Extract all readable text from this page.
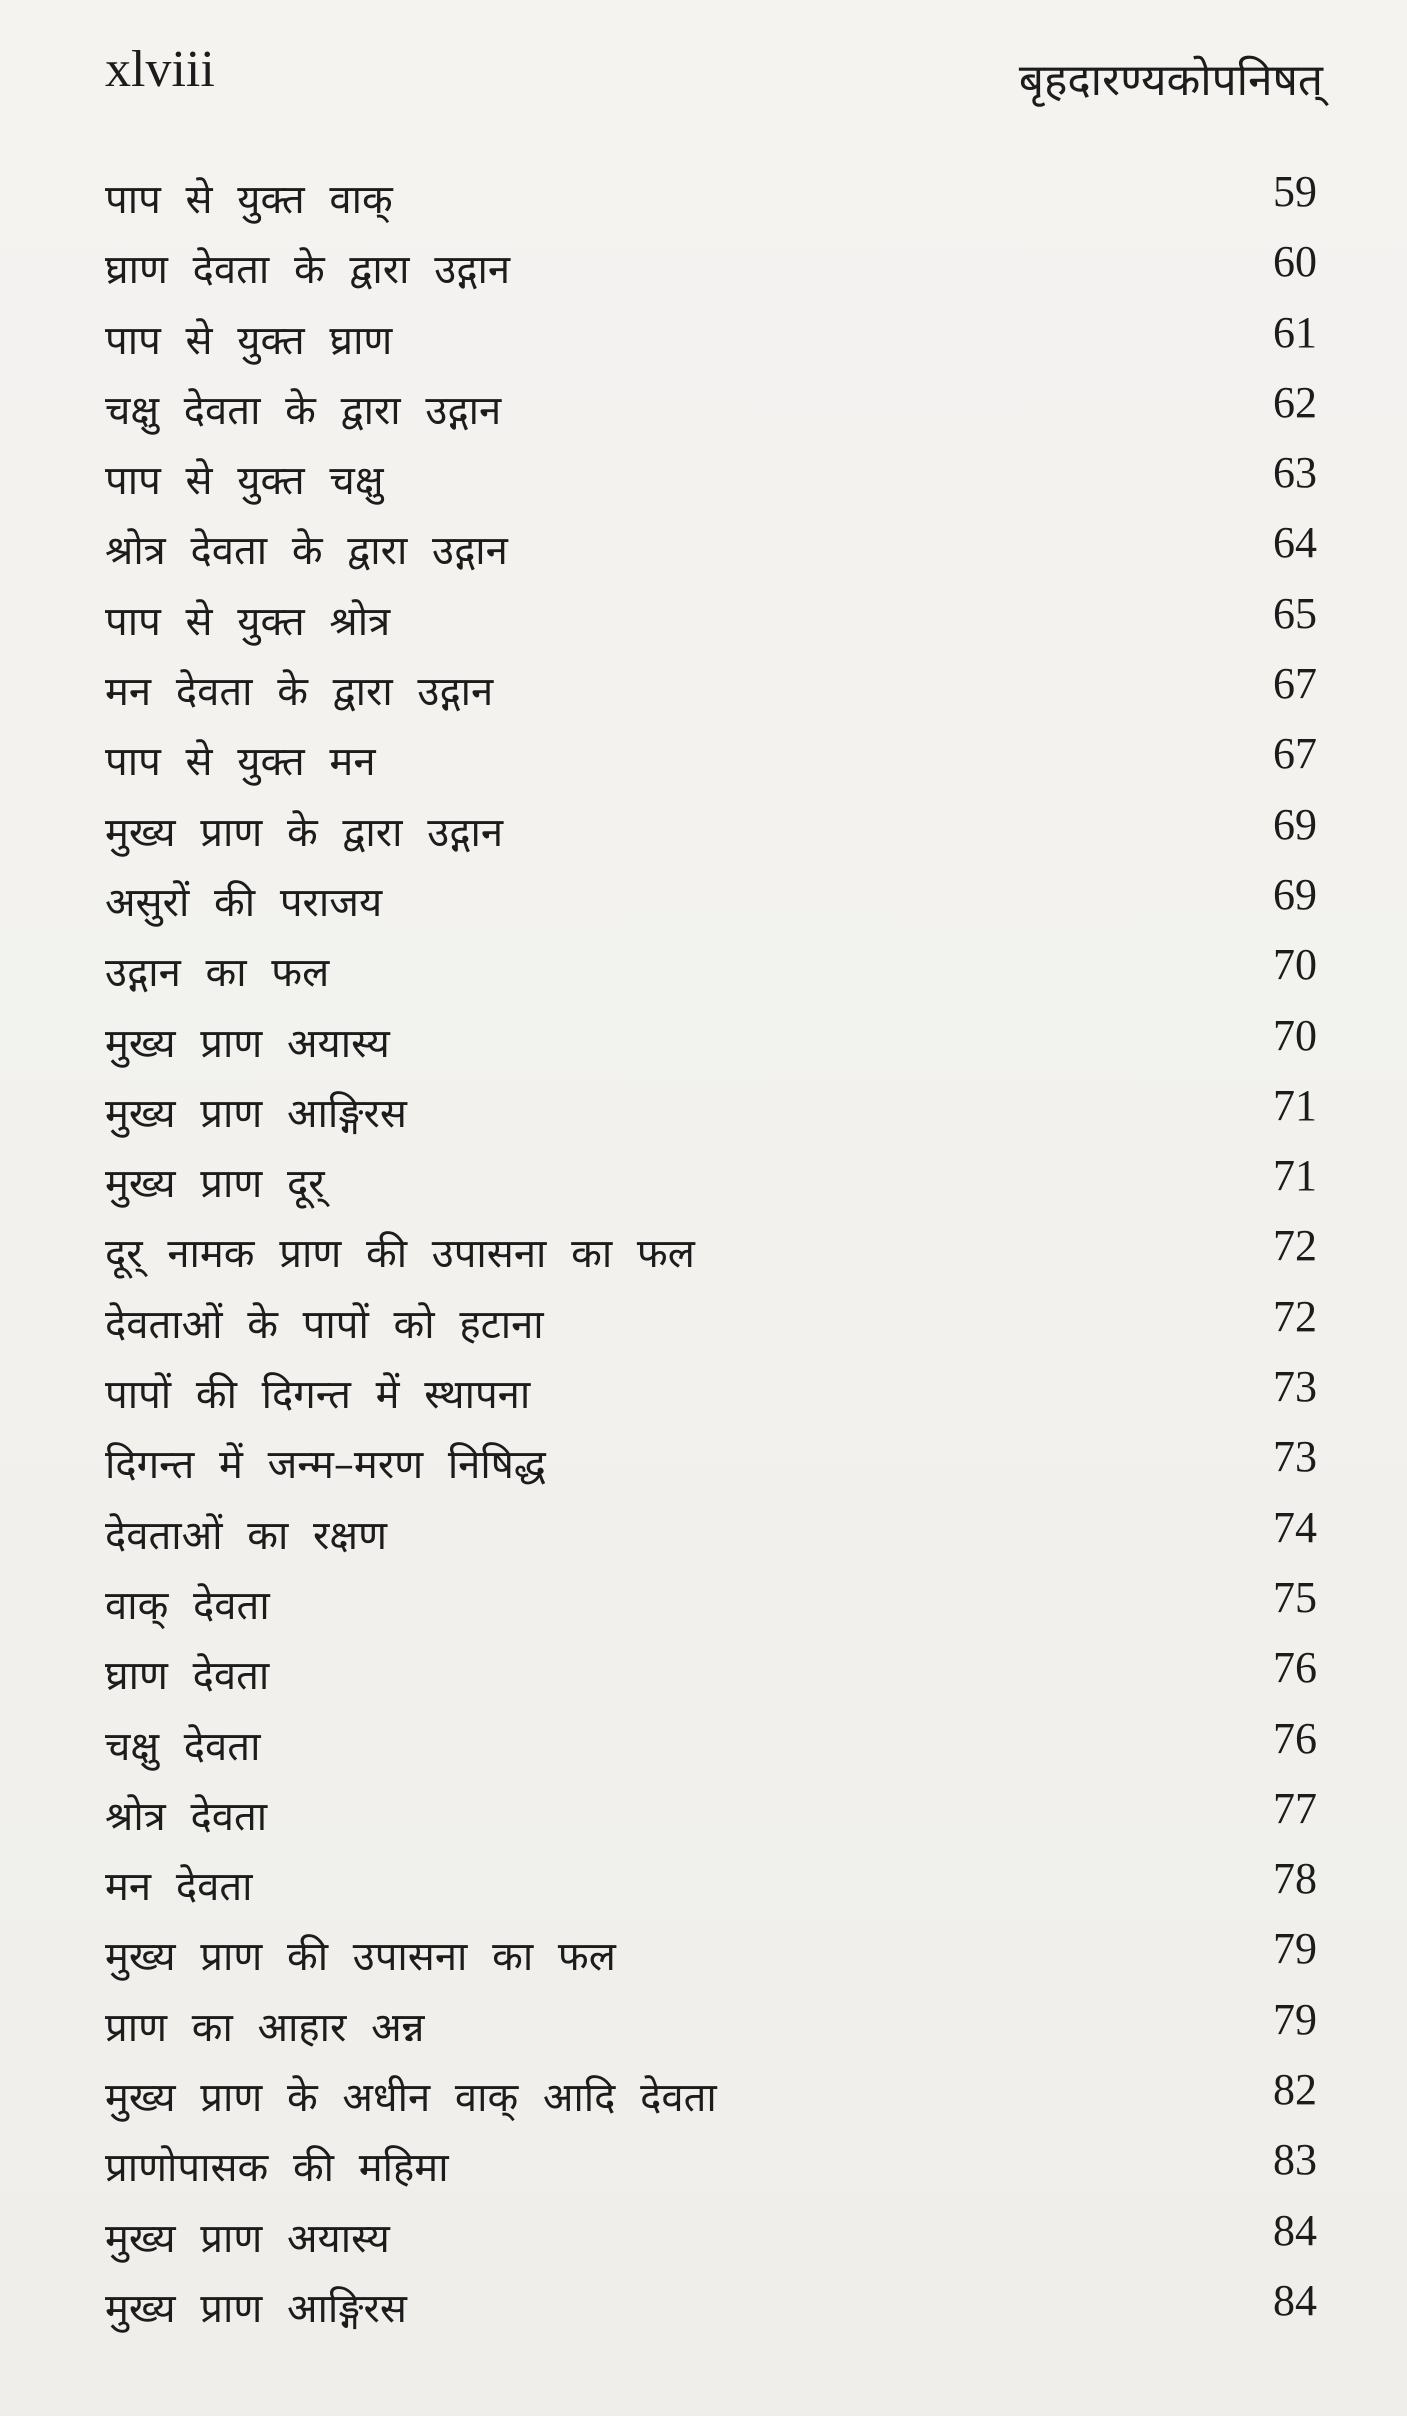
xlviii	बृहदारण्यकोपनिषत्
पाप से युक्त वाक्	59
घ्राण देवता के द्वारा उद्गान	60
पाप से युक्त घ्राण	61
चक्षु देवता के द्वारा उद्गान	62
पाप से युक्त चक्षु	63
श्रोत्र देवता के द्वारा उद्गान	64
पाप से युक्त श्रोत्र	65
मन देवता के द्वारा उद्गान	67
पाप से युक्त मन	67
मुख्य प्राण के द्वारा उद्गान	69
असुरों की पराजय	69
उद्गान का फल	70
मुख्य प्राण अयास्य	70
मुख्य प्राण आङ्गिरस	71
मुख्य प्राण दूर्	71
दूर् नामक प्राण की उपासना का फल	72
देवताओं के पापों को हटाना	72
पापों की दिगन्त में स्थापना	73
दिगन्त में जन्म–मरण निषिद्ध	73
देवताओं का रक्षण	74
वाक् देवता	75
घ्राण देवता	76
चक्षु देवता	76
श्रोत्र देवता	77
मन देवता	78
मुख्य प्राण की उपासना का फल	79
प्राण का आहार अन्न	79
मुख्य प्राण के अधीन वाक् आदि देवता	82
प्राणोपासक की महिमा	83
मुख्य प्राण अयास्य	84
मुख्य प्राण आङ्गिरस	84
